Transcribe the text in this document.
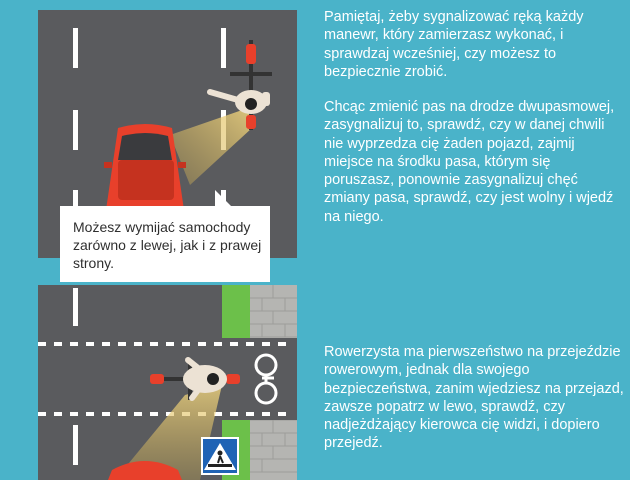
Możesz wymijać samochody zarówno z lewej, jak i z prawej strony.

Pamiętaj, żeby sygnalizować ręką każdy manewr, który zamierzasz wykonać, i sprawdzaj wcześniej, czy możesz to bezpiecznie zrobić.

Chcąc zmienić pas na drodze dwupasmowej, zasygnalizuj to, sprawdź, czy w danej chwili nie wyprzedza cię żaden pojazd, zajmij miejsce na środku pasa, którym się poruszasz, ponownie zasygnalizuj chęć zmiany pasa, sprawdź, czy jest wolny i wjedź na niego.

Rowerzysta ma pierwszeństwo na przejeździe rowerowym, jednak dla swojego bezpieczeństwa, zanim wjedziesz na przejazd, zawsze popatrz w lewo, sprawdź, czy nadjeżdżający kierowca cię widzi, i dopiero przejedź.
